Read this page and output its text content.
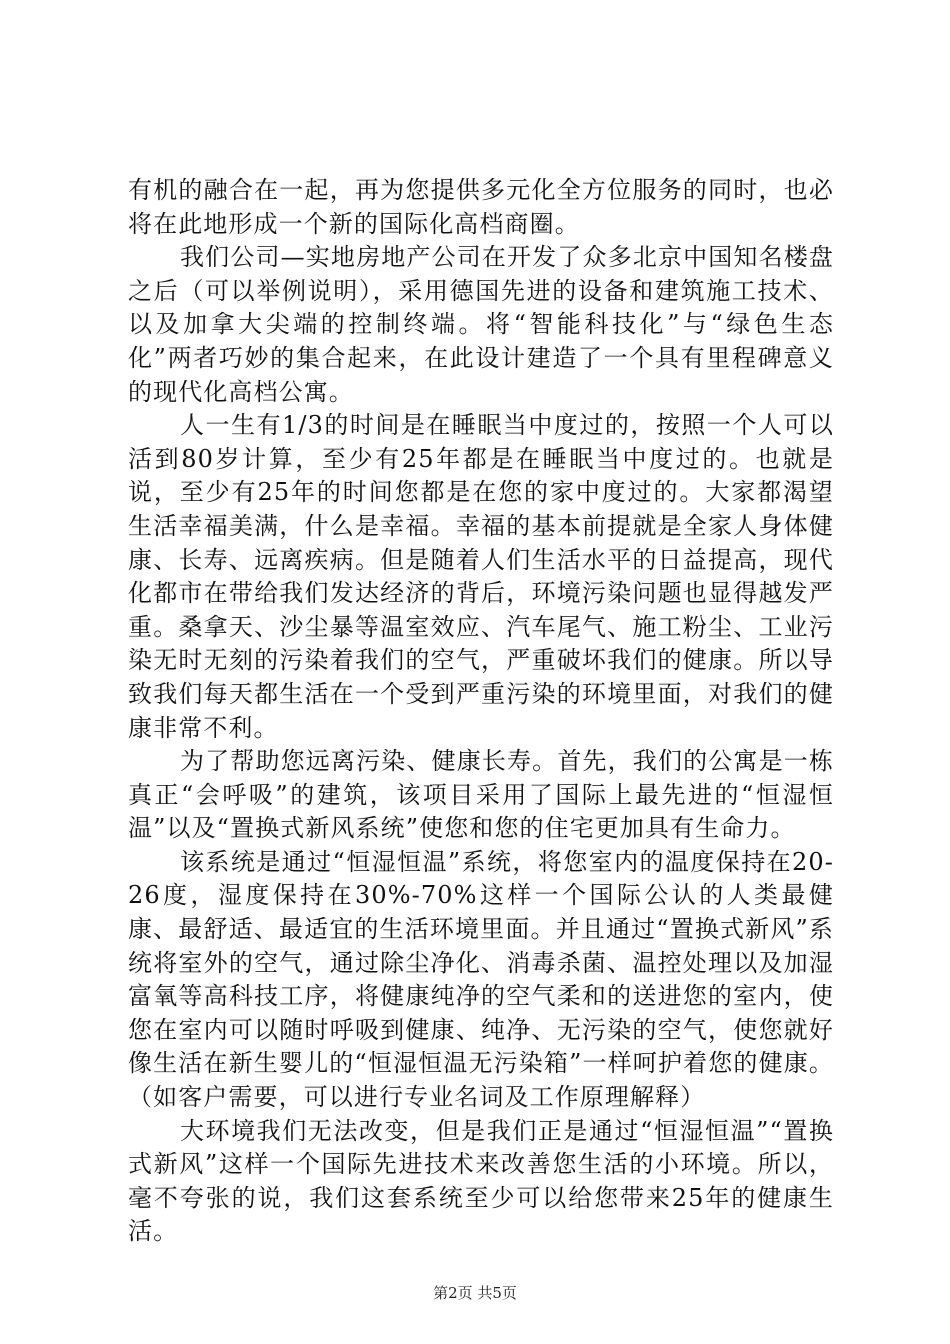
有机的融合在一起，再为您提供多元化全方位服务的同时，也必将在此地形成一个新的国际化高档商圈。

我们公司—实地房地产公司在开发了众多北京中国知名楼盘之后（可以举例说明），采用德国先进的设备和建筑施工技术、以及加拿大尖端的控制终端。将“智能科技化”与“绿色生态化”两者巧妙的集合起来，在此设计建造了一个具有里程碑意义的现代化高档公寓。

人一生有1/3的时间是在睡眠当中度过的，按照一个人可以活到80岁计算，至少有25年都是在睡眠当中度过的。也就是说，至少有25年的时间您都是在您的家中度过的。大家都渴望生活幸福美满，什么是幸福。幸福的基本前提就是全家人身体健康、长寿、远离疾病。但是随着人们生活水平的日益提高，现代化都市在带给我们发达经济的背后，环境污染问题也显得越发严重。桑拿天、沙尘暴等温室效应、汽车尾气、施工粉尘、工业污染无时无刻的污染着我们的空气，严重破坏我们的健康。所以导致我们每天都生活在一个受到严重污染的环境里面，对我们的健康非常不利。

为了帮助您远离污染、健康长寿。首先，我们的公寓是一栋真正“会呼吸”的建筑，该项目采用了国际上最先进的“恒湿恒温”以及“置换式新风系统”使您和您的住宅更加具有生命力。

该系统是通过“恒湿恒温”系统，将您室内的温度保持在20-26度，湿度保持在30%-70%这样一个国际公认的人类最健康、最舒适、最适宜的生活环境里面。并且通过“置换式新风”系统将室外的空气，通过除尘净化、消毒杀菌、温控处理以及加湿富氧等高科技工序，将健康纯净的空气柔和的送进您的室内，使您在室内可以随时呼吸到健康、纯净、无污染的空气，使您就好像生活在新生婴儿的“恒湿恒温无污染箱”一样呵护着您的健康。（如客户需要，可以进行专业名词及工作原理解释）

大环境我们无法改变，但是我们正是通过“恒湿恒温”“置换式新风”这样一个国际先进技术来改善您生活的小环境。所以，毫不夸张的说，我们这套系统至少可以给您带来25年的健康生活。

第2页 共5页
